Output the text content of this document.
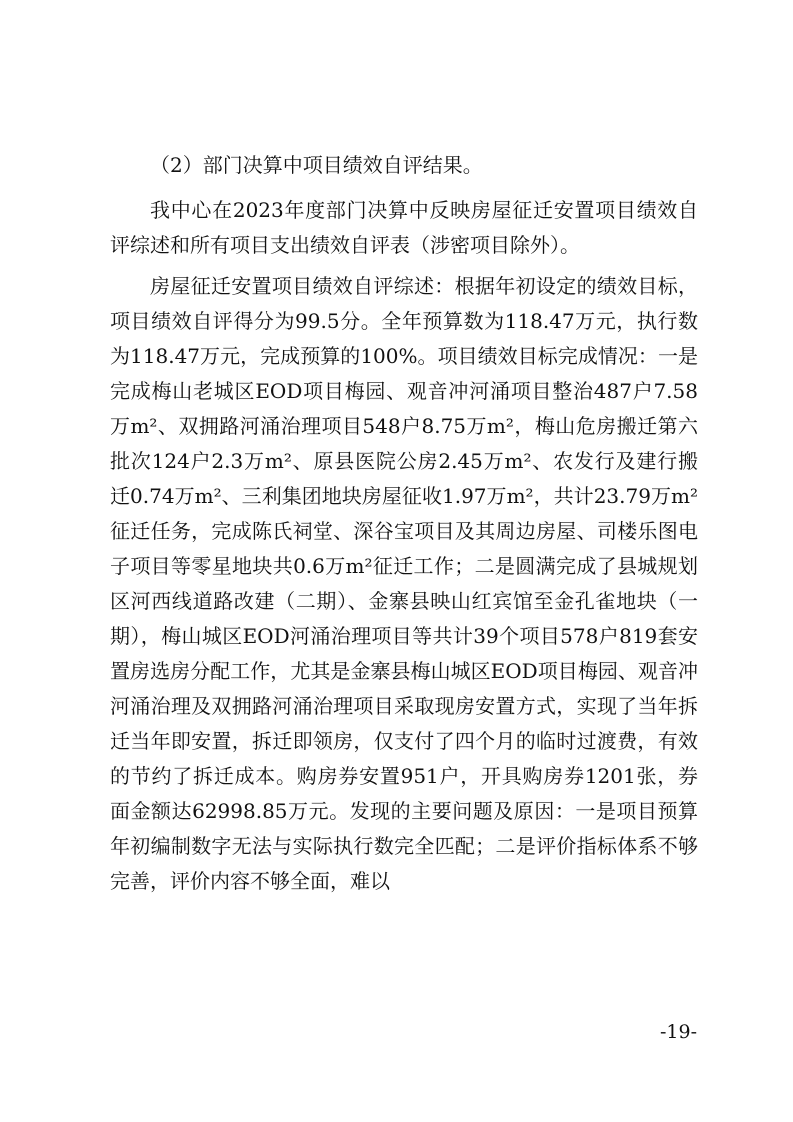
（2）部门决算中项目绩效自评结果。

我中心在2023年度部门决算中反映房屋征迁安置项目绩效自评综述和所有项目支出绩效自评表（涉密项目除外）。

房屋征迁安置项目绩效自评综述：根据年初设定的绩效目标，项目绩效自评得分为99.5分。全年预算数为118.47万元，执行数为118.47万元，完成预算的100%。项目绩效目标完成情况：一是完成梅山老城区EOD项目梅园、观音冲河涌项目整治487户7.58万m²、双拥路河涌治理项目548户8.75万m²，梅山危房搬迁第六批次124户2.3万m²、原县医院公房2.45万m²、农发行及建行搬迁0.74万m²、三利集团地块房屋征收1.97万m²，共计23.79万m²征迁任务，完成陈氏祠堂、深谷宝项目及其周边房屋、司楼乐图电子项目等零星地块共0.6万m²征迁工作；二是圆满完成了县城规划区河西线道路改建（二期）、金寨县映山红宾馆至金孔雀地块（一期），梅山城区EOD河涌治理项目等共计39个项目578户819套安置房选房分配工作，尤其是金寨县梅山城区EOD项目梅园、观音冲河涌治理及双拥路河涌治理项目采取现房安置方式，实现了当年拆迁当年即安置，拆迁即领房，仅支付了四个月的临时过渡费，有效的节约了拆迁成本。购房券安置951户，开具购房券1201张，券面金额达62998.85万元。发现的主要问题及原因：一是项目预算年初编制数字无法与实际执行数完全匹配；二是评价指标体系不够完善，评价内容不够全面，难以

-19-
